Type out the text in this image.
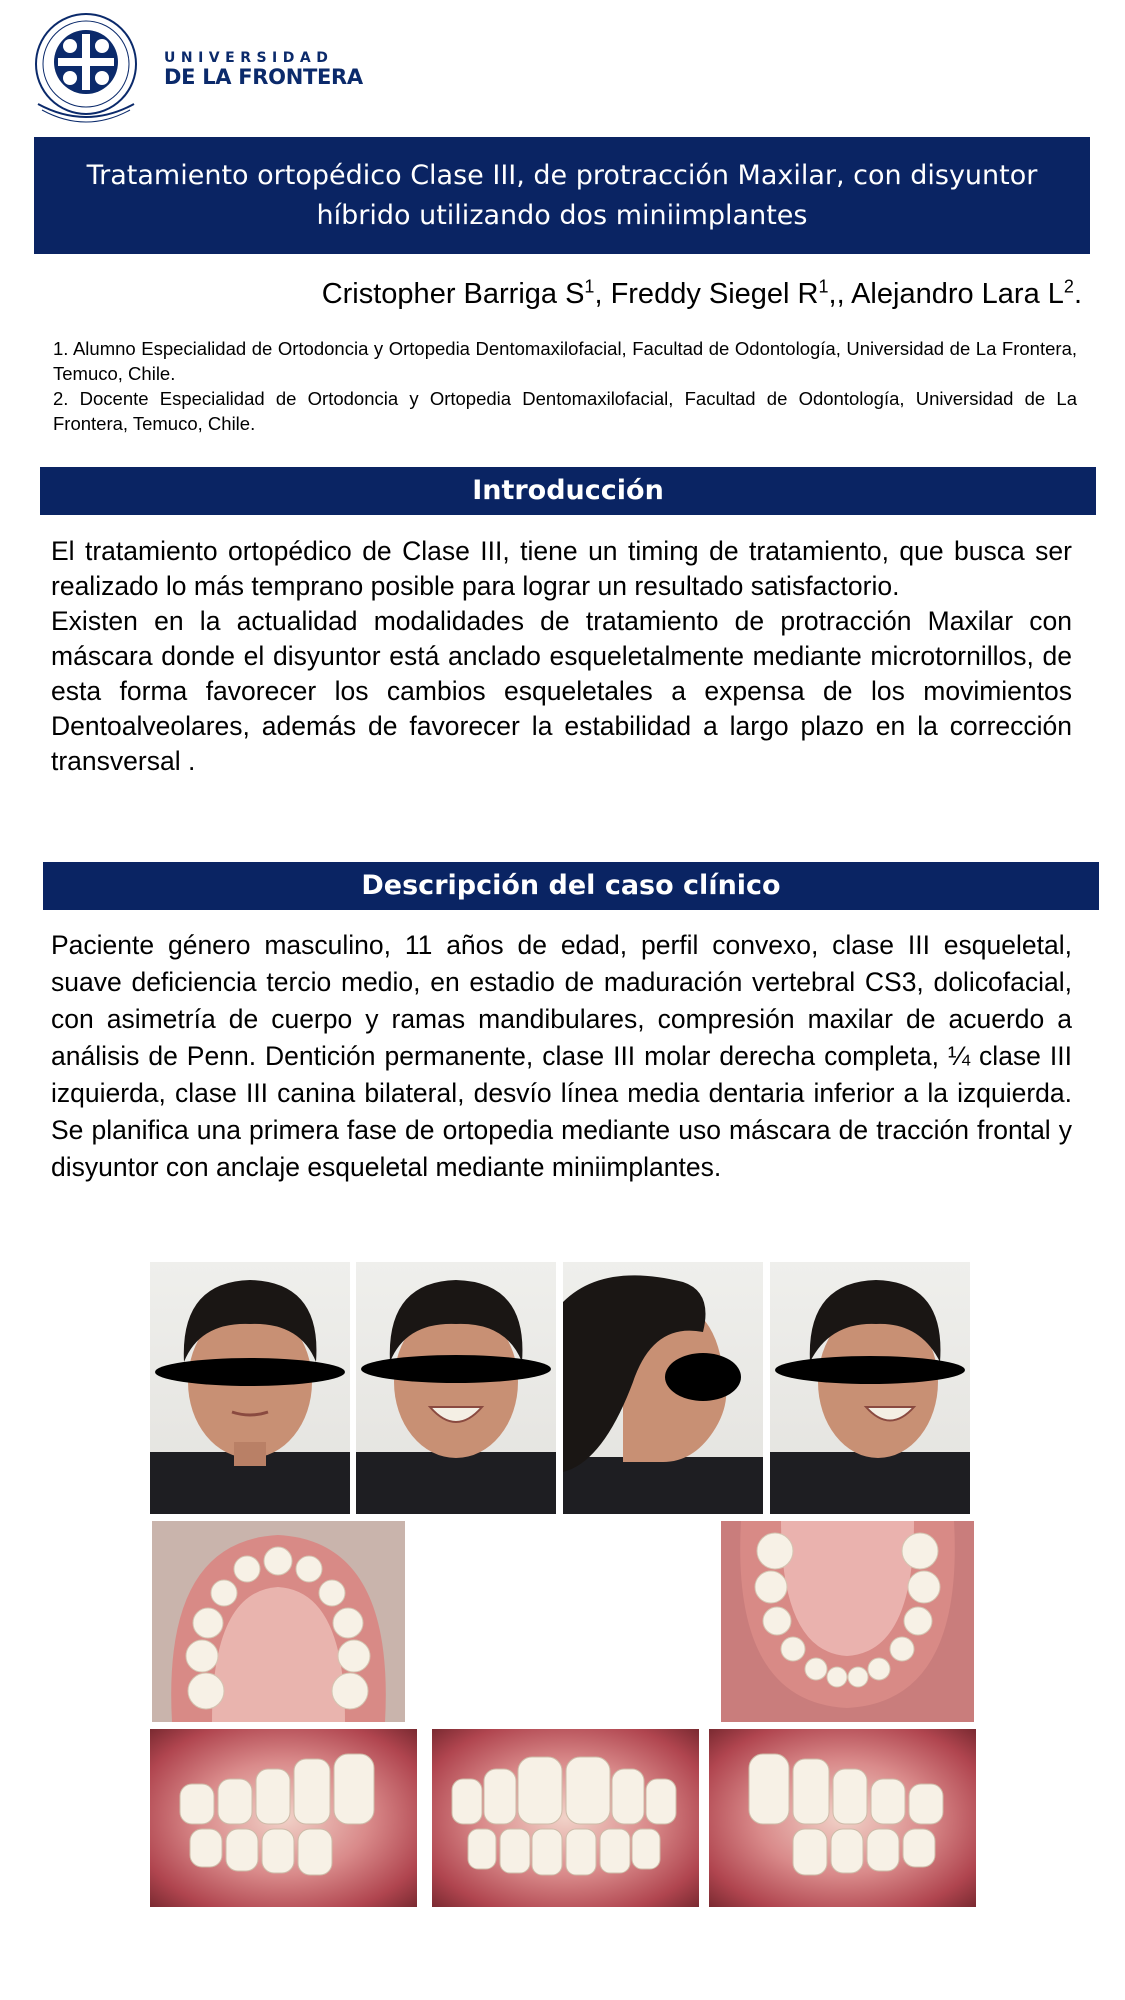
UNIVERSIDAD
DE LA FRONTERA
Tratamiento ortopédico Clase III, de protracción Maxilar, con disyuntor híbrido utilizando dos miniimplantes
Cristopher Barriga $S^1$, Freddy Siegel $R^1$,, Alejandro Lara $L^2$.
1. Alumno Especialidad de Ortodoncia y Ortopedia Dentomaxilofacial, Facultad de Odontología, Universidad de La Frontera, Temuco, Chile.
2. Docente Especialidad de Ortodoncia y Ortopedia Dentomaxilofacial, Facultad de Odontología, Universidad de La Frontera, Temuco, Chile.
Introducción
El tratamiento ortopédico de Clase III, tiene un timing de tratamiento, que busca ser realizado lo más temprano posible para lograr un resultado satisfactorio.
Existen en la actualidad modalidades de tratamiento de protracción Maxilar con máscara donde el disyuntor está anclado esqueletalmente mediante microtornillos, de esta forma favorecer los cambios esqueletales a expensa de los movimientos Dentoalveolares, además de favorecer la estabilidad a largo plazo en la corrección transversal .
Descripción del caso clínico
Paciente género masculino, 11 años de edad, perfil convexo, clase III esqueletal, suave deficiencia tercio medio, en estadio de maduración vertebral CS3, dolicofacial, con asimetría de cuerpo y ramas mandibulares, compresión maxilar de acuerdo a análisis de Penn. Dentición permanente, clase III molar derecha completa, ¼ clase III izquierda, clase III canina bilateral, desvío línea media dentaria inferior a la izquierda. Se planifica una primera fase de ortopedia mediante uso máscara de tracción frontal y disyuntor con anclaje esqueletal mediante miniimplantes.
